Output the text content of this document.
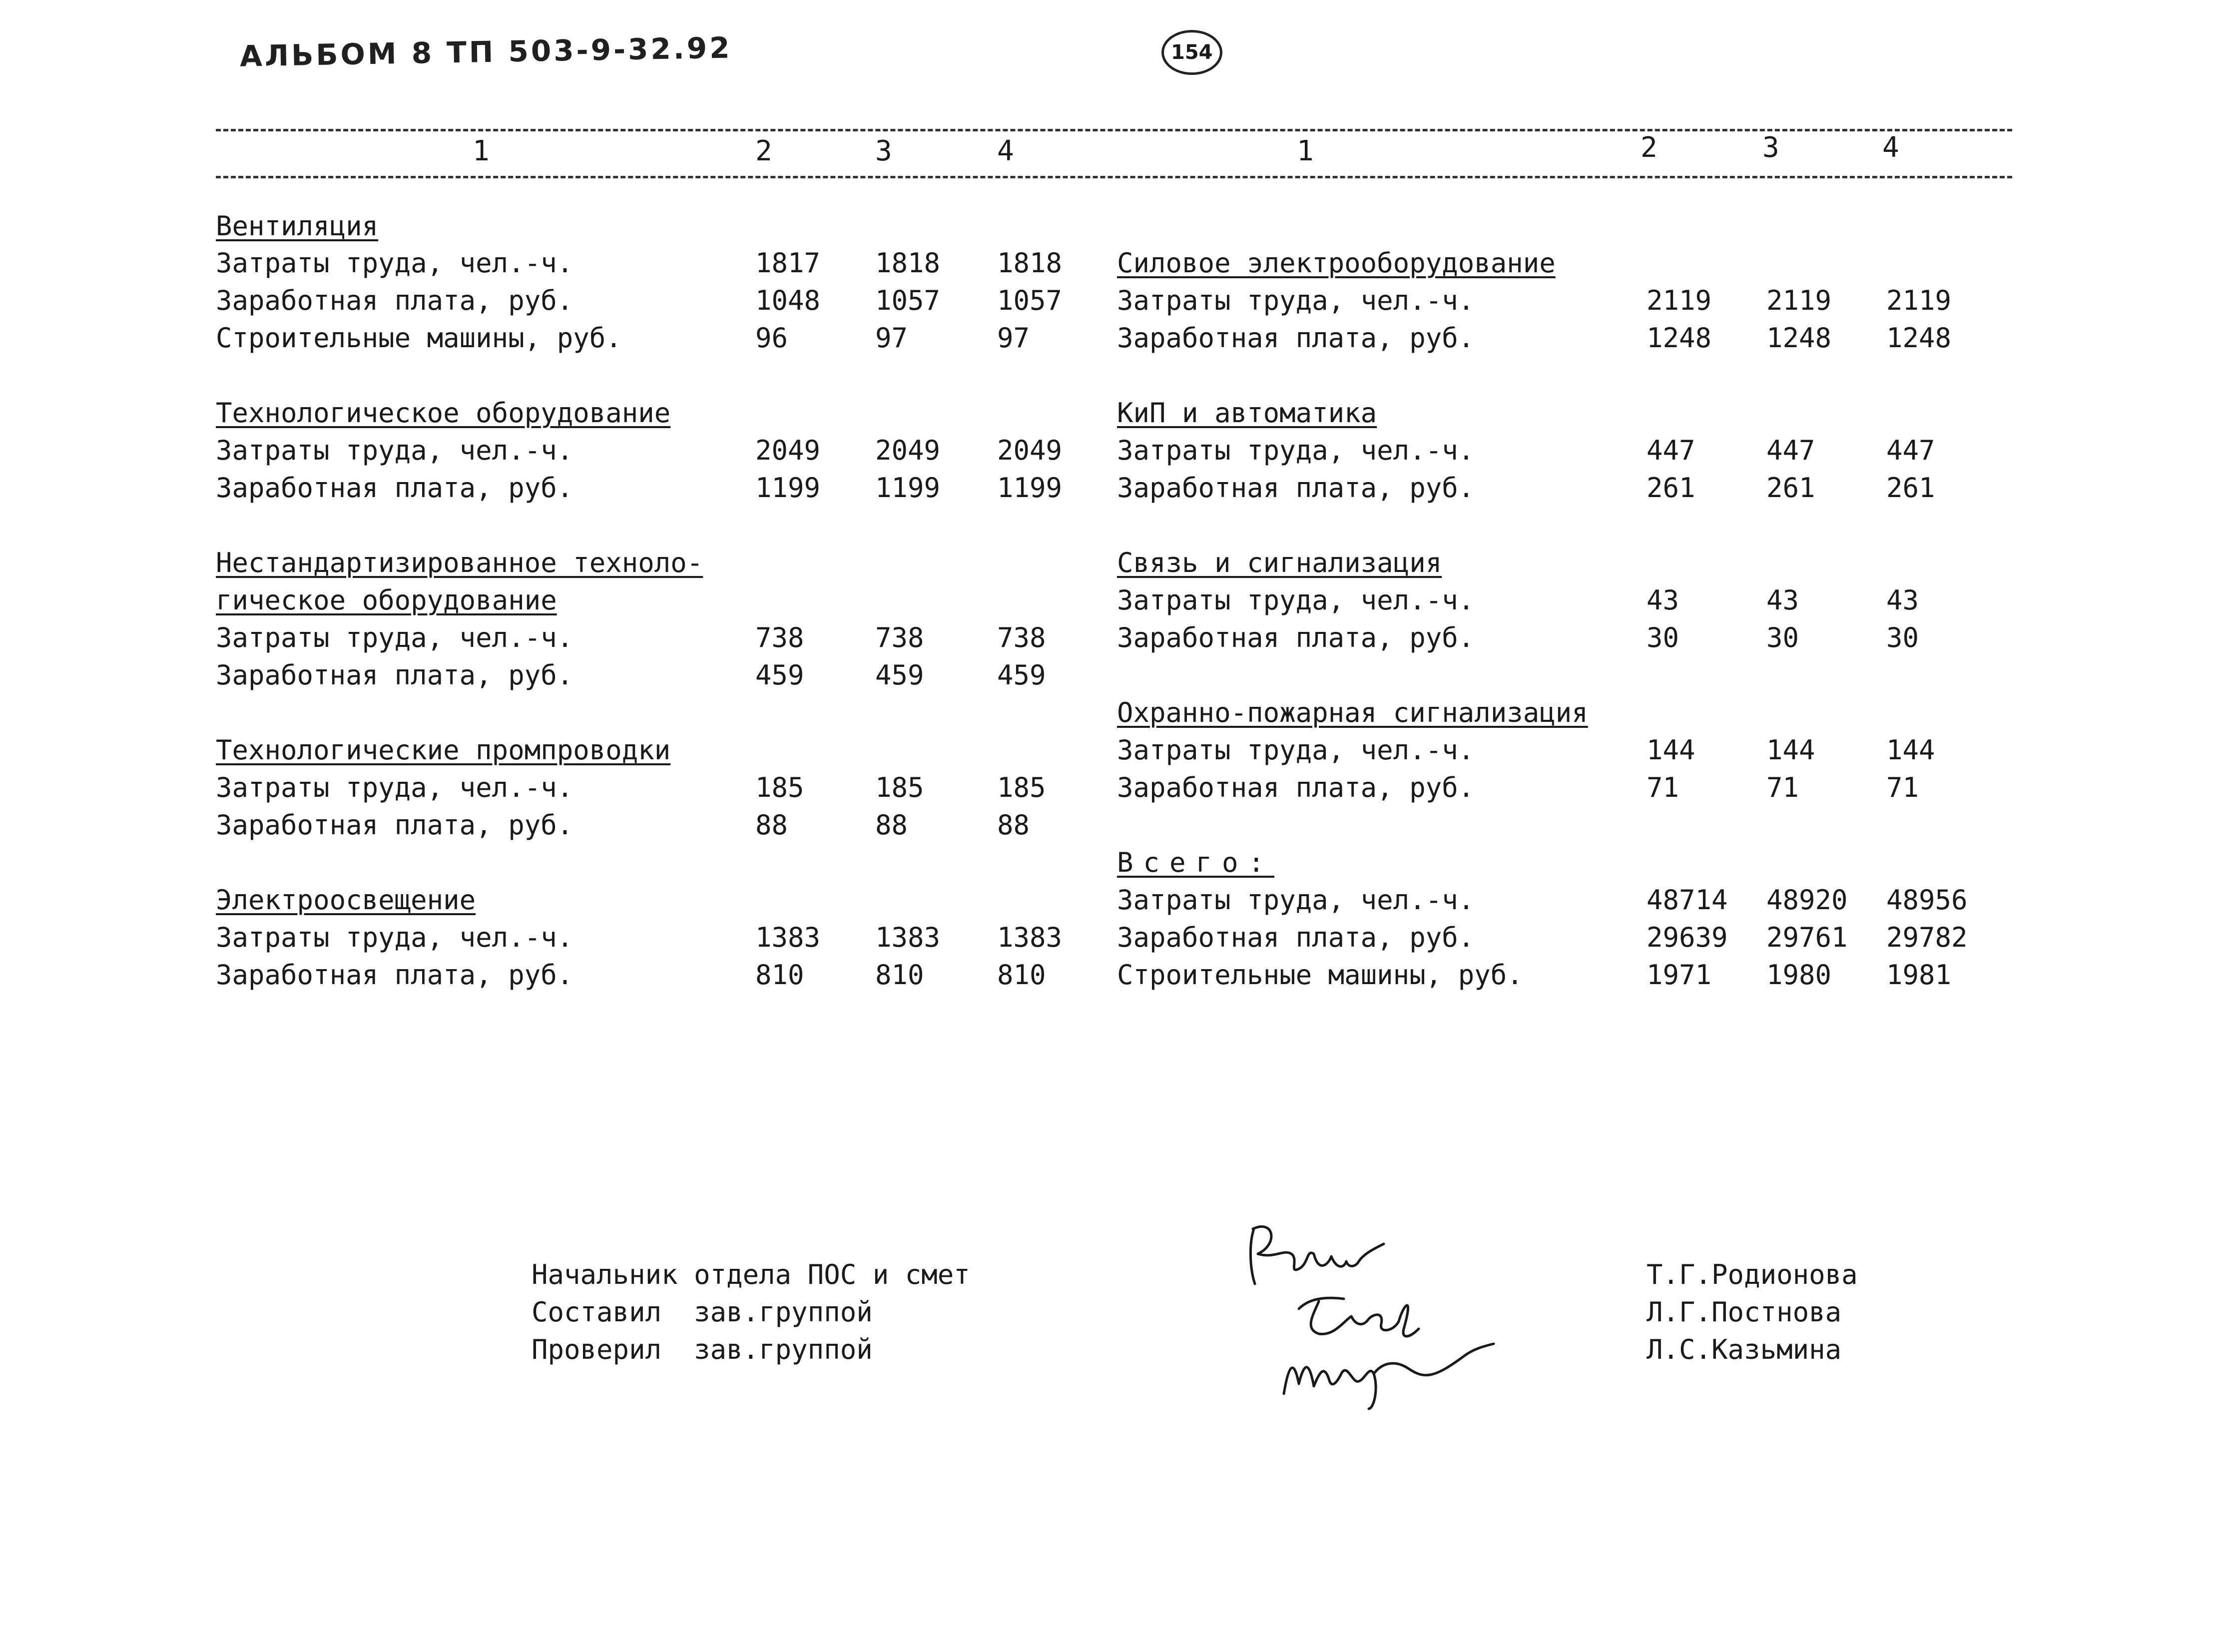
АЛЬБОМ 8 ТП 503-9-32.92	154
1	2	3	4	1	2	3	4
Вентиляция
Затраты труда, чел.-ч.	1817 1818 1818
Заработная плата, руб.	1048 1057 1057
Строительные машины, руб.	96	97	97
Технологическое оборудование
Затраты труда, чел.-ч.	2049 2049 2049
Заработная плата, руб.	1199 1199 1199
Нестандартизированное техноло-
гическое оборудование
Затраты труда, чел.-ч.	738	738	738
Заработная плата, руб.	459	459	459
Технологические промпроводки
Затраты труда, чел.-ч.	185	185	185
Заработная плата, руб.	88	88	88
Электроосвещение
Затраты труда, чел.-ч.	1383 1383 1383
Заработная плата, руб.	810	810	810
Силовое электрооборудование
Затраты труда, чел.-ч.	2119 2119 2119
Заработная плата, руб.	1248 1248 1248
КиП и автоматика
Затраты труда, чел.-ч.	447	447	447
Заработная плата, руб.	261	261	261
Связь и сигнализация
Затраты труда, чел.-ч.	43	43	43
Заработная плата, руб.	30	30	30
Охранно-пожарная сигнализация
Затраты труда, чел.-ч.	144	144	144
Заработная плата, руб.	71	71	71
Всего:
Затраты труда, чел.-ч.	48714 48920 48956
Заработная плата, руб.	29639 29761 29782
Строительные машины, руб.	1971 1980 1981
Начальник отдела ПОС и смет
Составил  зав.группой
Проверил  зав.группой
Т.Г.Родионова
Л.Г.Постнова
Л.С.Казьмина
